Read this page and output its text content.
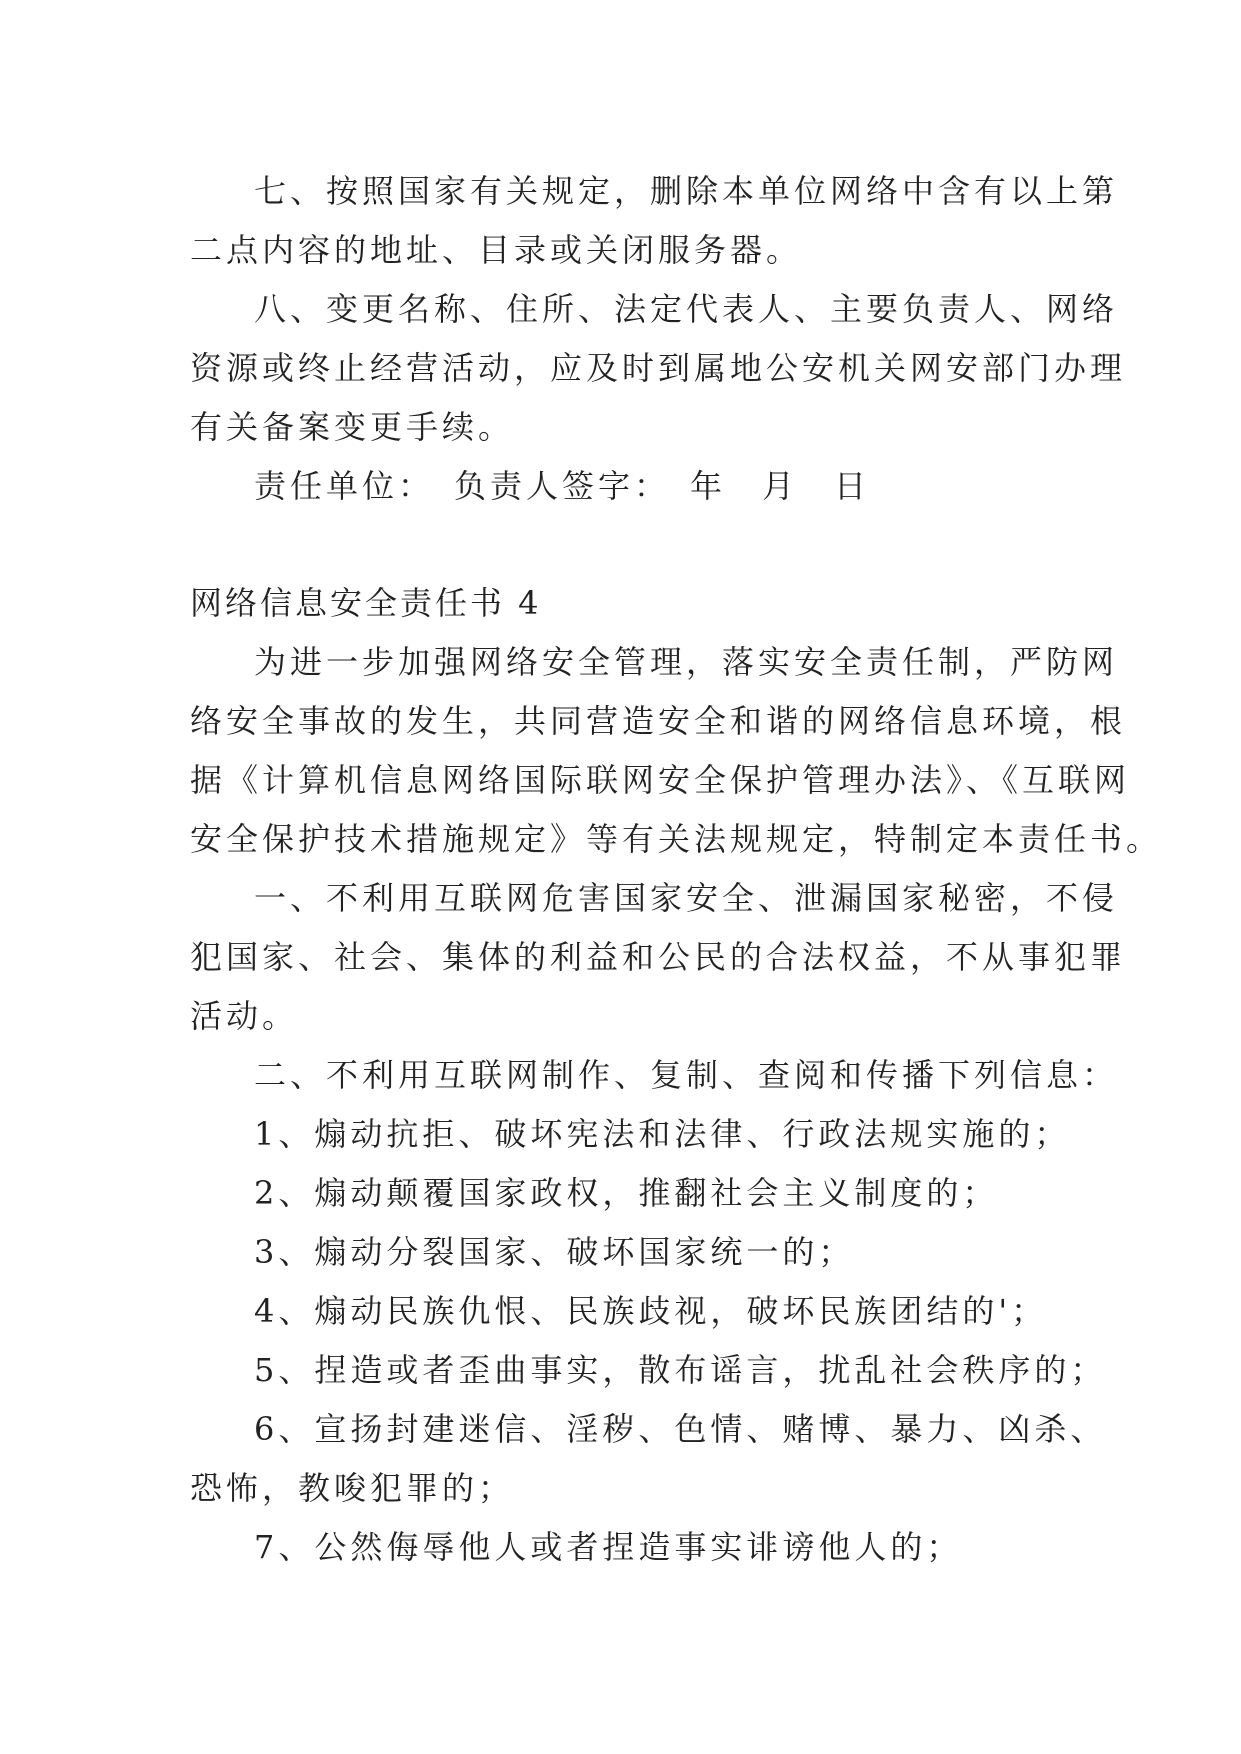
七、按照国家有关规定，删除本单位网络中含有以上第

二点内容的地址、目录或关闭服务器。

八、变更名称、住所、法定代表人、主要负责人、网络

资源或终止经营活动，应及时到属地公安机关网安部门办理

有关备案变更手续。

责任单位：　负责人签字：　年　月　日

网络信息安全责任书 4

为进一步加强网络安全管理，落实安全责任制，严防网

络安全事故的发生，共同营造安全和谐的网络信息环境，根

据《计算机信息网络国际联网安全保护管理办法》、《互联网

安全保护技术措施规定》等有关法规规定，特制定本责任书。

一、不利用互联网危害国家安全、泄漏国家秘密，不侵

犯国家、社会、集体的利益和公民的合法权益，不从事犯罪

活动。

二、不利用互联网制作、复制、查阅和传播下列信息：

1、煽动抗拒、破坏宪法和法律、行政法规实施的；

2、煽动颠覆国家政权，推翻社会主义制度的；

3、煽动分裂国家、破坏国家统一的；

4、煽动民族仇恨、民族歧视，破坏民族团结的'；

5、捏造或者歪曲事实，散布谣言，扰乱社会秩序的；

6、宣扬封建迷信、淫秽、色情、赌博、暴力、凶杀、

恐怖，教唆犯罪的；

7、公然侮辱他人或者捏造事实诽谤他人的；
